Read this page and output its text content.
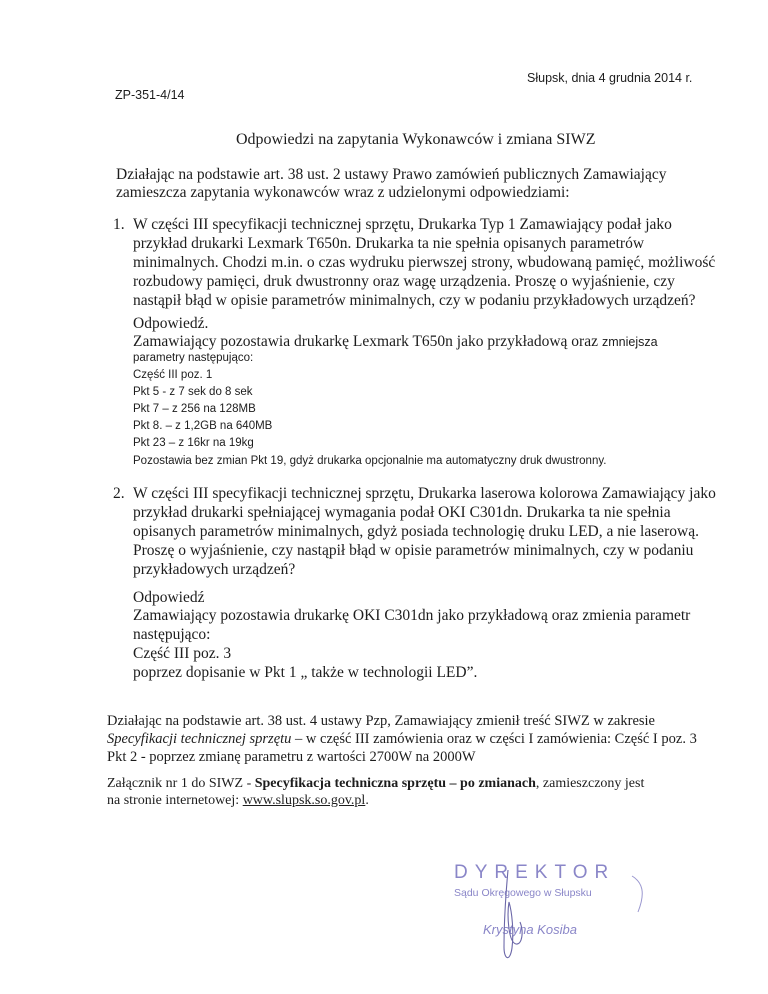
Słupsk, dnia 4 grudnia 2014 r.
ZP-351-4/14
Odpowiedzi na zapytania Wykonawców i zmiana SIWZ
Działając na podstawie art. 38 ust. 2 ustawy Prawo zamówień publicznych Zamawiający
zamieszcza zapytania wykonawców wraz z udzielonymi odpowiedziami:
1. W części III specyfikacji technicznej sprzętu, Drukarka Typ 1 Zamawiający podał jako
przykład drukarki Lexmark T650n. Drukarka ta nie spełnia opisanych parametrów
minimalnych. Chodzi m.in. o czas wydruku pierwszej strony, wbudowaną pamięć, możliwość
rozbudowy pamięci, druk dwustronny oraz wagę urządzenia. Proszę o wyjaśnienie, czy
nastąpił błąd w opisie parametrów minimalnych, czy w podaniu przykładowych urządzeń?
Odpowiedź.
Zamawiający pozostawia drukarkę Lexmark T650n jako przykładową oraz zmniejsza
parametry następująco:
Część III poz. 1
Pkt 5 - z 7 sek do 8 sek
Pkt 7 – z 256 na 128MB
Pkt 8. – z 1,2GB na 640MB
Pkt 23 – z 16kr na 19kg
Pozostawia bez zmian Pkt 19, gdyż drukarka opcjonalnie ma automatyczny druk dwustronny.
2. W części III specyfikacji technicznej sprzętu, Drukarka laserowa kolorowa Zamawiający jako
przykład drukarki spełniającej wymagania podał OKI C301dn. Drukarka ta nie spełnia
opisanych parametrów minimalnych, gdyż posiada technologię druku LED, a nie laserową.
Proszę o wyjaśnienie, czy nastąpił błąd w opisie parametrów minimalnych, czy w podaniu
przykładowych urządzeń?
Odpowiedź
Zamawiający pozostawia drukarkę OKI C301dn jako przykładową oraz zmienia parametr
następująco:
Część III poz. 3
poprzez dopisanie w Pkt 1 „ także w technologii LED”.
Działając na podstawie art. 38 ust. 4 ustawy Pzp, Zamawiający zmienił treść SIWZ w zakresie
Specyfikacji technicznej sprzętu – w część III zamówienia oraz w części I zamówienia: Część I poz. 3
Pkt 2 - poprzez zmianę parametru z wartości 2700W na 2000W
Załącznik nr 1 do SIWZ - Specyfikacja techniczna sprzętu – po zmianach, zamieszczony jest
na stronie internetowej: www.slupsk.so.gov.pl.
DYREKTOR
Sądu Okręgowego w Słupsku
Krystyna Kosiba
